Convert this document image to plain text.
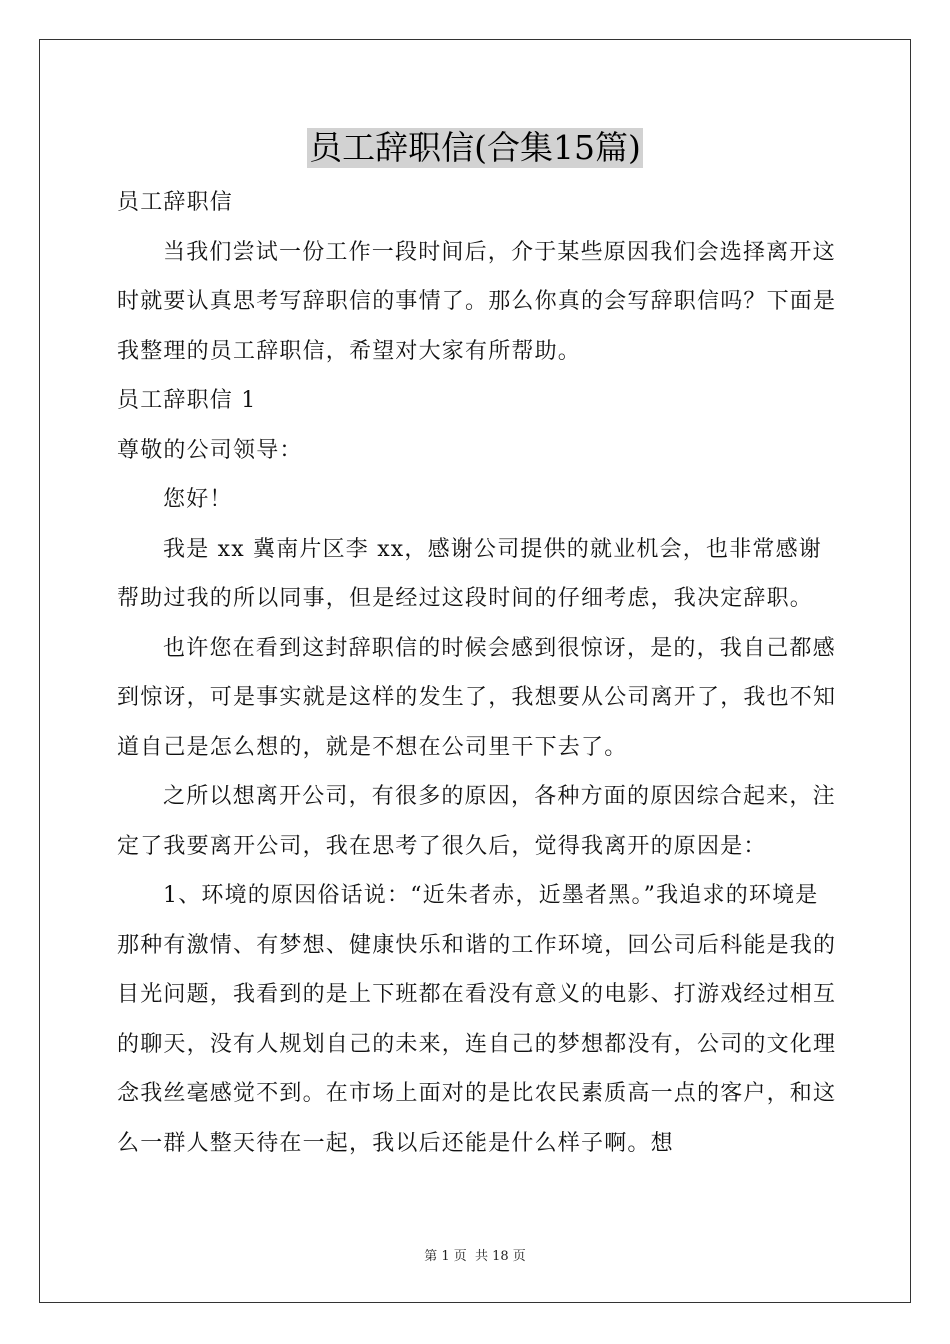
员工辞职信(合集15篇)

员工辞职信

当我们尝试一份工作一段时间后，介于某些原因我们会选择离开这时就要认真思考写辞职信的事情了。那么你真的会写辞职信吗？下面是我整理的员工辞职信，希望对大家有所帮助。

员工辞职信 1

尊敬的公司领导：

您好！

我是 xx 冀南片区李 xx，感谢公司提供的就业机会，也非常感谢帮助过我的所以同事，但是经过这段时间的仔细考虑，我决定辞职。

也许您在看到这封辞职信的时候会感到很惊讶，是的，我自己都感到惊讶，可是事实就是这样的发生了，我想要从公司离开了，我也不知道自己是怎么想的，就是不想在公司里干下去了。

之所以想离开公司，有很多的原因，各种方面的原因综合起来，注定了我要离开公司，我在思考了很久后，觉得我离开的原因是：

1、环境的原因俗话说：“近朱者赤，近墨者黑。”我追求的环境是那种有激情、有梦想、健康快乐和谐的工作环境，回公司后科能是我的目光问题，我看到的是上下班都在看没有意义的电影、打游戏经过相互的聊天，没有人规划自己的未来，连自己的梦想都没有，公司的文化理念我丝毫感觉不到。在市场上面对的是比农民素质高一点的客户，和这么一群人整天待在一起，我以后还能是什么样子啊。想

第 1 页 共 18 页
